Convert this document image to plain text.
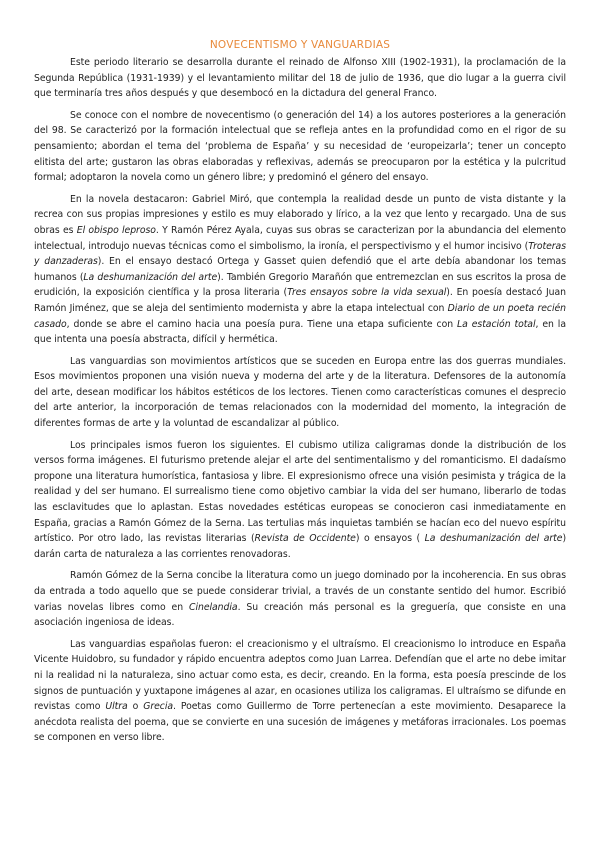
NOVECENTISMO Y VANGUARDIAS

Este periodo literario se desarrolla durante el reinado de Alfonso XIII (1902-1931), la proclamación de la Segunda República (1931-1939) y el levantamiento militar del 18 de julio de 1936, que dio lugar a la guerra civil que terminaría tres años después y que desembocó en la dictadura del general Franco.

Se conoce con el nombre de novecentismo (o generación del 14) a los autores posteriores a la generación del 98. Se caracterizó por la formación intelectual que se refleja antes en la profundidad como en el rigor de su pensamiento; abordan el tema del ‘problema de España’ y su necesidad de ‘europeizarla’; tener un concepto elitista del arte; gustaron las obras elaboradas y reflexivas, además se preocuparon por la estética y la pulcritud formal; adoptaron la novela como un género libre; y predominó el género del ensayo.

En la novela destacaron: Gabriel Miró, que contempla la realidad desde un punto de vista distante y la recrea con sus propias impresiones y estilo es muy elaborado y lírico, a la vez que lento y recargado. Una de sus obras es El obispo leproso. Y Ramón Pérez Ayala, cuyas sus obras se caracterizan por la abundancia del elemento intelectual, introdujo nuevas técnicas como el simbolismo, la ironía, el perspectivismo y el humor incisivo (Troteras y danzaderas). En el ensayo destacó Ortega y Gasset quien defendió que el arte debía abandonar los temas humanos (La deshumanización del arte). También Gregorio Marañón que entremezclan en sus escritos la prosa de erudición, la exposición científica y la prosa literaria (Tres ensayos sobre la vida sexual). En poesía destacó Juan Ramón Jiménez, que se aleja del sentimiento modernista y abre la etapa intelectual con Diario de un poeta recién casado, donde se abre el camino hacia una poesía pura. Tiene una etapa suficiente con La estación total, en la que intenta una poesía abstracta, difícil y hermética.

Las vanguardias son movimientos artísticos que se suceden en Europa entre las dos guerras mundiales. Esos movimientos proponen una visión nueva y moderna del arte y de la literatura. Defensores de la autonomía del arte, desean modificar los hábitos estéticos de los lectores. Tienen como características comunes el desprecio del arte anterior, la incorporación de temas relacionados con la modernidad del momento, la integración de diferentes formas de arte y la voluntad de escandalizar al público.

Los principales ismos fueron los siguientes. El cubismo utiliza caligramas donde la distribución de los versos forma imágenes. El futurismo pretende alejar el arte del sentimentalismo y del romanticismo. El dadaísmo propone una literatura humorística, fantasiosa y libre. El expresionismo ofrece una visión pesimista y trágica de la realidad y del ser humano. El surrealismo tiene como objetivo cambiar la vida del ser humano, liberarlo de todas las esclavitudes que lo aplastan. Estas novedades estéticas europeas se conocieron casi inmediatamente en España, gracias a Ramón Gómez de la Serna. Las tertulias más inquietas también se hacían eco del nuevo espíritu artístico. Por otro lado, las revistas literarias (Revista de Occidente) o ensayos ( La deshumanización del arte) darán carta de naturaleza a las corrientes renovadoras.

Ramón Gómez de la Serna concibe la literatura como un juego dominado por la incoherencia. En sus obras da entrada a todo aquello que se puede considerar trivial, a través de un constante sentido del humor. Escribió varias novelas libres como en Cinelandia. Su creación más personal es la greguería, que consiste en una asociación ingeniosa de ideas.

Las vanguardias españolas fueron: el creacionismo y el ultraísmo. El creacionismo lo introduce en España Vicente Huidobro, su fundador y rápido encuentra adeptos como Juan Larrea. Defendían que el arte no debe imitar ni la realidad ni la naturaleza, sino actuar como esta, es decir, creando. En la forma, esta poesía prescinde de los signos de puntuación y yuxtapone imágenes al azar, en ocasiones utiliza los caligramas. El ultraísmo se difunde en revistas como Ultra o Grecia. Poetas como Guillermo de Torre pertenecían a este movimiento. Desaparece la anécdota realista del poema, que se convierte en una sucesión de imágenes y metáforas irracionales. Los poemas se componen en verso libre.
